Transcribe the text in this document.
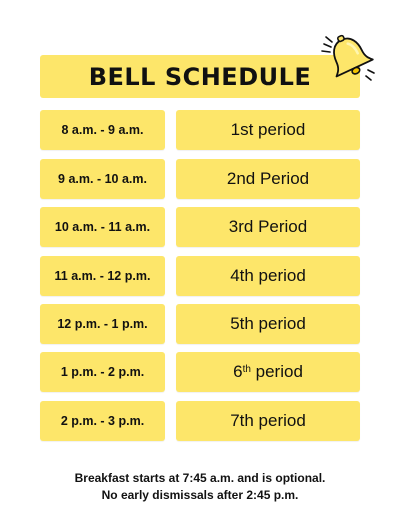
BELL SCHEDULE
8 a.m. - 9 a.m.	1st period
9 a.m. - 10 a.m.	2nd Period
10 a.m. - 11 a.m.	3rd Period
11 a.m. - 12 p.m.	4th period
12 p.m. - 1 p.m.	5th period
1 p.m. - 2 p.m.	6th
period
2 p.m. - 3 p.m.	7th period
Breakfast starts at 7:45 a.m. and is optional.
No early dismissals after 2:45 p.m.
